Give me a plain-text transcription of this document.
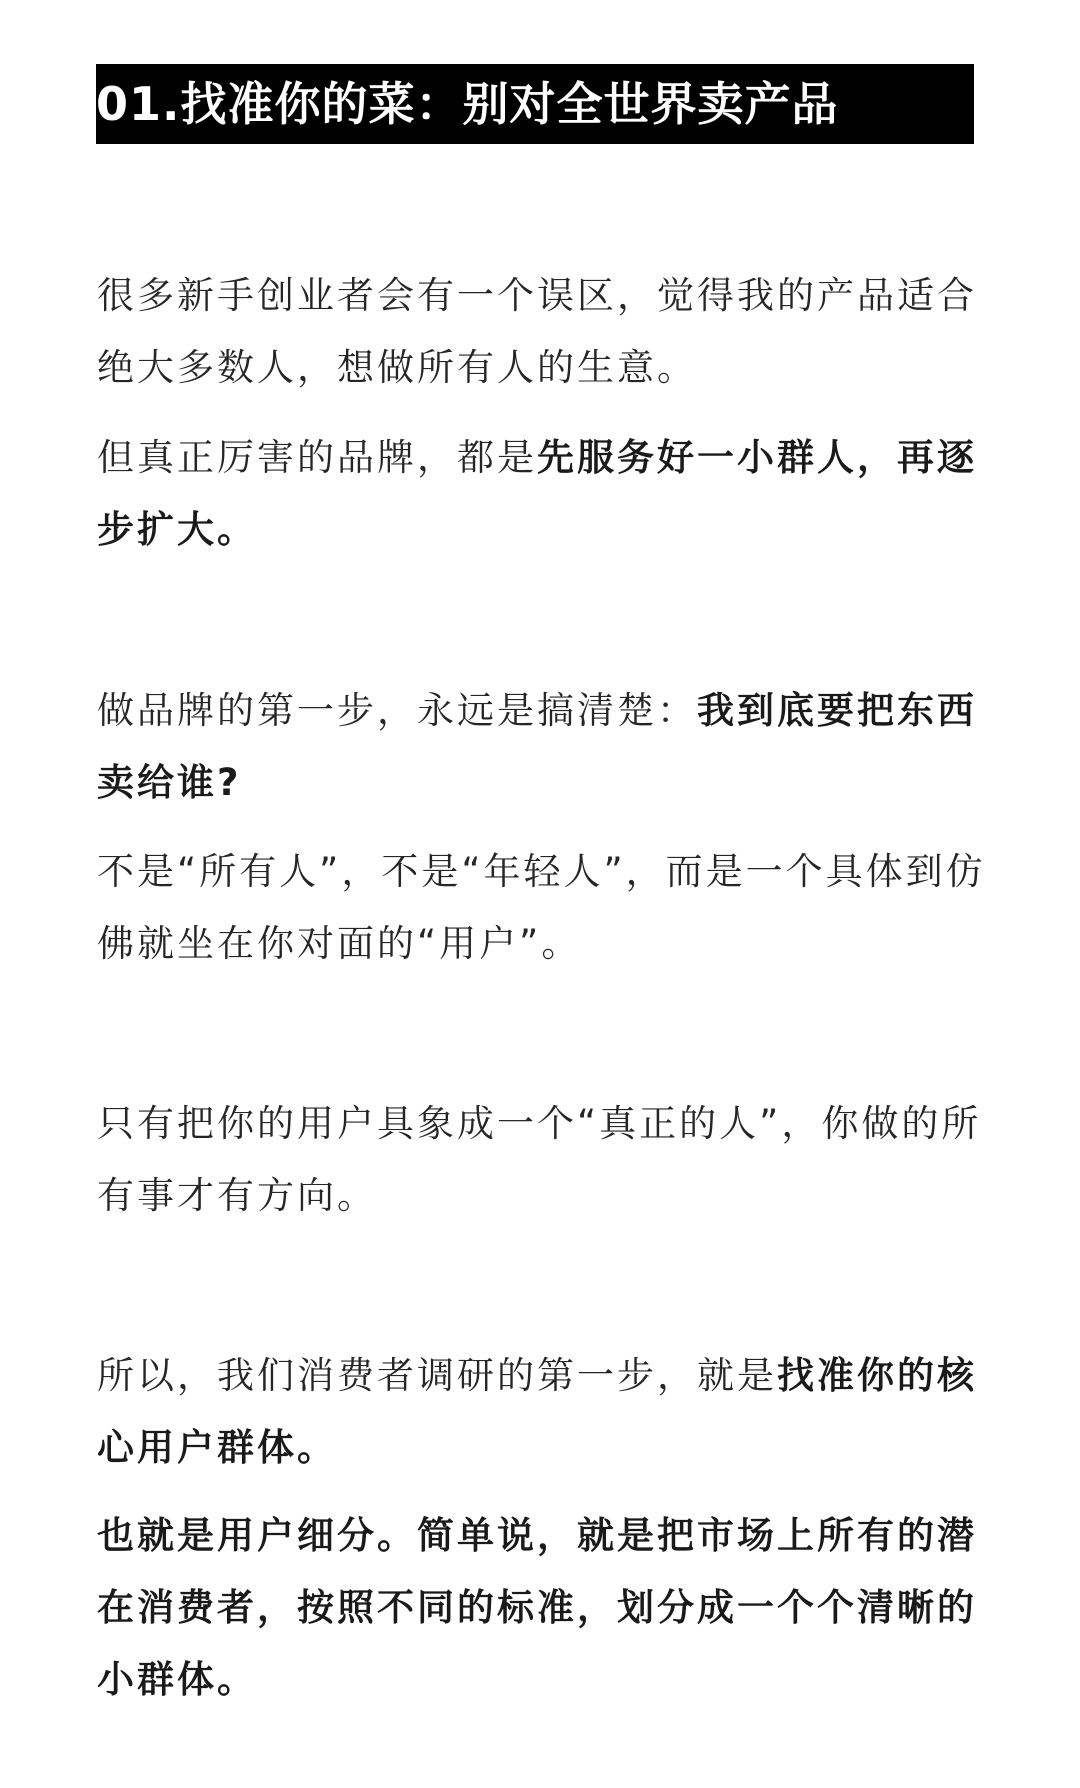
01.找准你的菜：别对全世界卖产品

很多新手创业者会有一个误区，觉得我的产品适合绝大多数人，想做所有人的生意。

但真正厉害的品牌，都是先服务好一小群人，再逐步扩大。

做品牌的第一步，永远是搞清楚：我到底要把东西卖给谁?

不是“所有人”，不是“年轻人”，而是一个具体到仿佛就坐在你对面的“用户”。

只有把你的用户具象成一个“真正的人”，你做的所有事才有方向。

所以，我们消费者调研的第一步，就是找准你的核心用户群体。

也就是用户细分。简单说，就是把市场上所有的潜在消费者，按照不同的标准，划分成一个个清晰的小群体。
